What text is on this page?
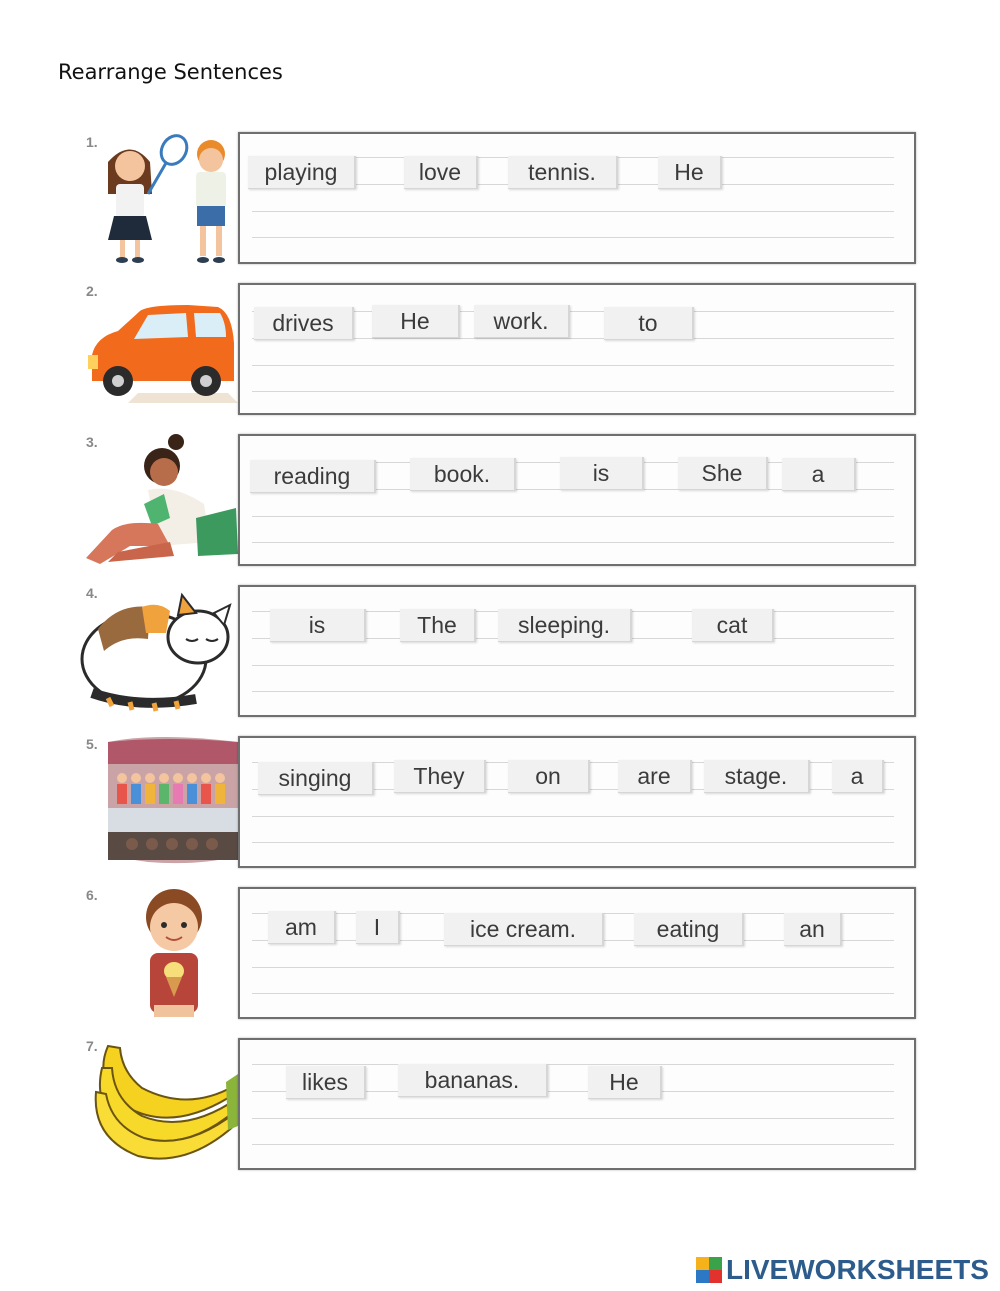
Rearrange Sentences
1.
playing	love	tennis.	He
2.
drives	He	work.	to
3.
reading	book.	is	She	a
4.
is	The	sleeping.	cat
5.
singing	They	on	are	stage.	a
6.
am	I	ice cream.	eating	an
7.
likes	bananas.	He
LIVEWORKSHEETS
